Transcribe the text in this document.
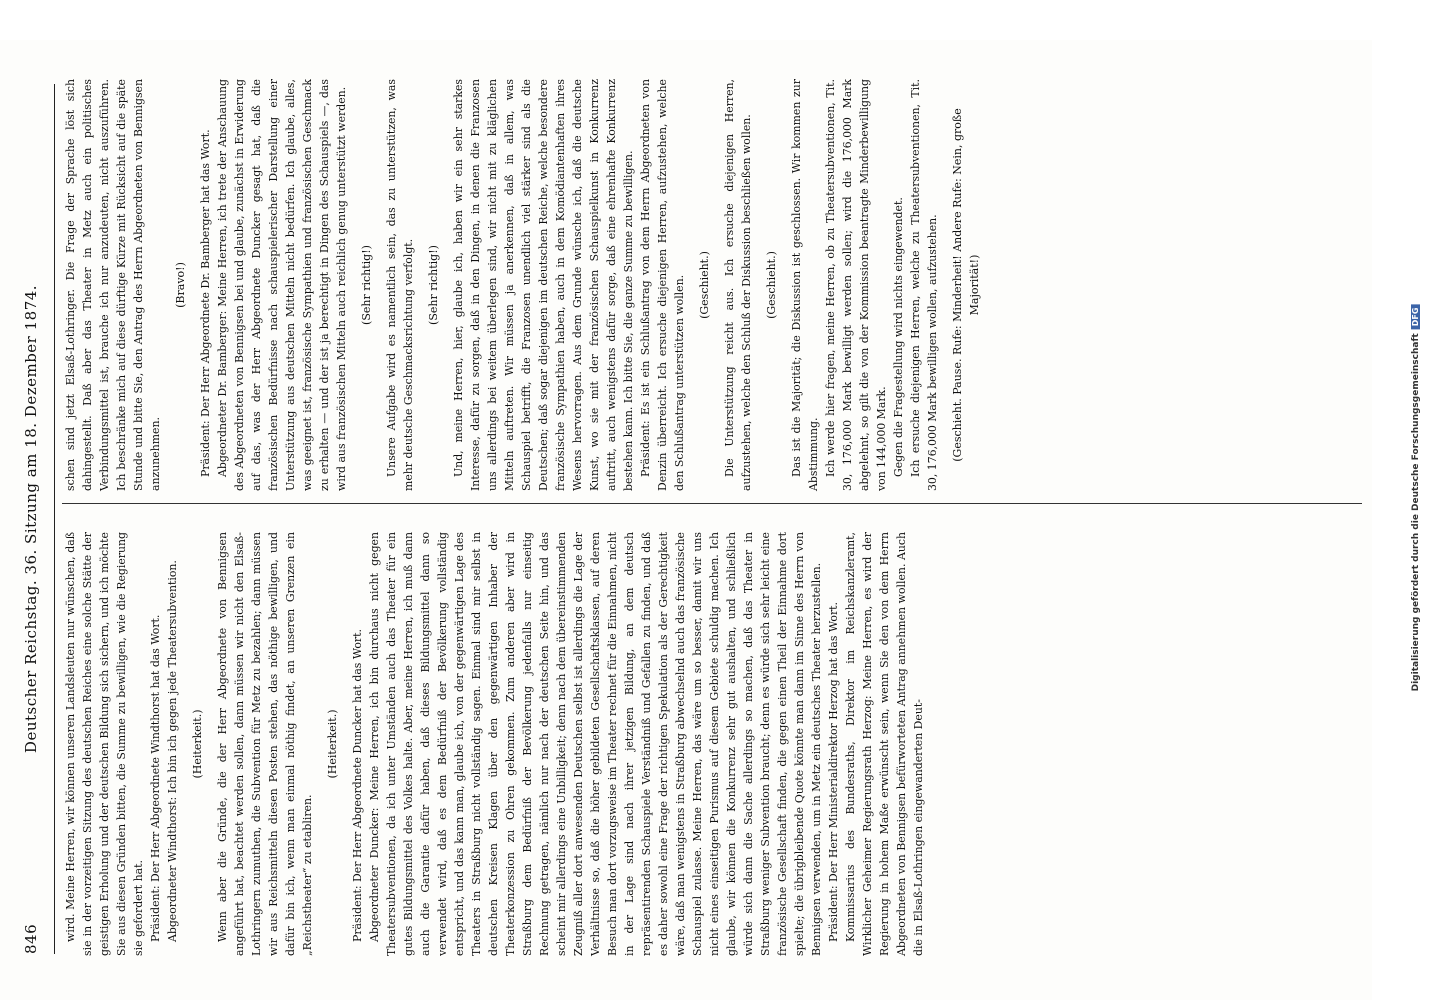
846
Deutscher Reichstag. 36. Sitzung am 18. Dezember 1874. wird. Meine Herren, wir können unseren Landsleuten nur wünschen, daß sie in der vorzeitigen Sitzung des deutschen Reiches eine solche Stätte der geistigen Erholung und der deutschen Bildung sich sichern, und ich möchte Sie aus diesen Gründen bitten, die Summe zu bewilligen, wie die Regierung sie gefordert hat. Präsident: Der Herr Abgeordnete Windthorst hat das Wort. Abgeordneter Windthorst: Ich bin ich gegen jede Theatersubvention. (Heiterkeit.) Wenn aber die Gründe, die der Herr Abgeordnete von Bennigsen angeführt hat, beachtet werden sollen, dann müssen wir nicht den Elsaß-Lothringern zumuthen, die Subvention für Metz zu bezahlen; dann müssen wir aus Reichsmitteln diesen Posten stehen, das nöthige bewilligen, und dafür bin ich, wenn man einmal nöthig findet, an unseren Grenzen ein „Reichstheater“ zu etabliren.

(Heiterkeit.) Präsident: Der Herr Abgeordnete Duncker hat das Wort. Abgeordneter Duncker: Meine Herren, ich bin durchaus nicht gegen Theatersubventionen, da ich unter Umständen auch das Theater für ein gutes Bildungsmittel des Volkes halte. Aber, meine Herren, ich muß dann auch die Garantie dafür haben, daß dieses Bildungsmittel dann so verwendet wird, daß es dem Bedürfniß der Bevölkerung vollständig entspricht, und das kann man, glaube ich, von der gegenwärtigen Lage des Theaters in Straßburg nicht vollständig sagen. Einmal sind mir selbst in deutschen Kreisen Klagen über den gegenwärtigen Inhaber der Theaterkonzession zu Ohren gekommen. Zum anderen aber wird in Straßburg dem Bedürfniß der Bevölkerung jedenfalls nur einseitig Rechnung getragen, nämlich nur nach der deutschen Seite hin, und das scheint mir allerdings eine Unbilligkeit; denn nach dem übereinstimmenden Zeugniß aller dort anwesenden Deutschen selbst ist allerdings die Lage der Verhältnisse so, daß die höher gebildeten Gesellschaftsklassen, auf deren Besuch man dort vorzugsweise im Theater rechnet für die Einnahmen, nicht in der Lage sind nach ihrer jetzigen Bildung, an dem deutsch repräsentirenden Schauspiele Verständniß und Gefallen zu finden, und daß es daher sowohl eine Frage der richtigen Spekulation als der Gerechtigkeit wäre, daß man wenigstens in Straßburg abwechselnd auch das französische Schauspiel zulasse. Meine Herren, das wäre um so besser, damit wir uns nicht eines einseitigen Purismus auf diesem Gebiete schuldig machen. Ich glaube, wir können die Konkurrenz sehr gut aushalten, und schließlich würde sich dann die Sache allerdings so machen, daß das Theater in Straßburg weniger Subvention braucht; denn es würde sich sehr leicht eine französische Gesellschaft finden, die gegen einen Theil der Einnahme dort spielte; die übrigbleibende Quote könnte man dann im Sinne des Herrn von Bennigsen verwenden, um in Metz ein deutsches Theater herzustellen. Präsident: Der Herr Ministerialdirektor Herzog hat das Wort. Kommissarius des Bundesraths, Direktor im Reichskanzleramt, Wirklicher Geheimer Regierungsrath Herzog: Meine Herren, es wird der Regierung in hohem Maße erwünscht sein, wenn Sie den von dem Herrn Abgeordneten von Bennigsen befürworteten Antrag annehmen wollen. Auch die in Elsaß-Lothringen eingewanderten Deut-

schen sind jetzt Elsaß-Lothringer. Die Frage der Sprache löst sich dahingestellt. Daß aber das Theater in Metz auch ein politisches Verbindungsmittel ist, brauche ich nur anzudeuten, nicht auszuführen. Ich beschränke mich auf diese dürftige Kürze mit Rücksicht auf die späte Stunde und bitte Sie, den Antrag des Herrn Abgeordneten von Bennigsen anzunehmen.

(Bravo!) Präsident: Der Herr Abgeordnete Dr. Bamberger hat das Wort. Abgeordneter Dr. Bamberger: Meine Herren, ich trete der Anschauung des Abgeordneten von Bennigsen bei und glaube, zunächst in Erwiderung auf das, was der Herr Abgeordnete Duncker gesagt hat, daß die französischen Bedürfnisse nach schauspielerischer Darstellung einer Unterstützung aus deutschen Mitteln nicht bedürfen. Ich glaube, alles, was geeignet ist, französische Sympathien und französischen Geschmack zu erhalten — und der ist ja berechtigt in Dingen des Schauspiels —, das wird aus französischen Mitteln auch reichlich genug unterstützt werden. (Sehr richtig!) Unsere Aufgabe wird es namentlich sein, das zu unterstützen, was mehr deutsche Geschmacksrichtung verfolgt. (Sehr richtig!) Und, meine Herren, hier, glaube ich, haben wir ein sehr starkes Interesse, dafür zu sorgen, daß in den Dingen, in denen die Franzosen uns allerdings bei weitem überlegen sind, wir nicht mit zu kläglichen Mitteln auftreten. Wir müssen ja anerkennen, daß in allem, was Schauspiel betrifft, die Franzosen unendlich viel stärker sind als die Deutschen; daß sogar diejenigen im deutschen Reiche, welche besondere französische Sympathien haben, auch in dem Komödiantenhaften ihres Wesens hervorragen. Aus dem Grunde wünsche ich, daß die deutsche Kunst, wo sie mit der französischen Schauspielkunst in Konkurrenz auftritt, auch wenigstens dafür sorge, daß eine ehrenhafte Konkurrenz bestehen kann. Ich bitte Sie, die ganze Summe zu bewilligen. Präsident: Es ist ein Schlußantrag von dem Herrn Abgeordneten von Denzin überreicht. Ich ersuche diejenigen Herren, aufzustehen, welche den Schlußantrag unterstützen wollen. (Geschieht.) Die Unterstützung reicht aus. Ich ersuche diejenigen Herren, aufzustehen, welche den Schluß der Diskussion beschließen wollen. (Geschieht.) Das ist die Majorität; die Diskussion ist geschlossen. Wir kommen zur Abstimmung. Ich werde hier fragen, meine Herren, ob zu Theatersubventionen, Tit. 30, 176,000 Mark bewilligt werden sollen; wird die 176,000 Mark abgelehnt, so gilt die von der Kommission beantragte Minderbewilligung von 144,000 Mark. Gegen die Fragestellung wird nichts eingewendet. Ich ersuche diejenigen Herren, welche zu Theatersubventionen, Tit. 30, 176,000 Mark bewilligen wollen, aufzustehen. (Geschieht. Pause. Rufe: Minderheit! Andere Rufe: Nein, große Majorität!)

Digitalisierung gefördert durch die Deutsche ForschungsgemeinschaftDFG
